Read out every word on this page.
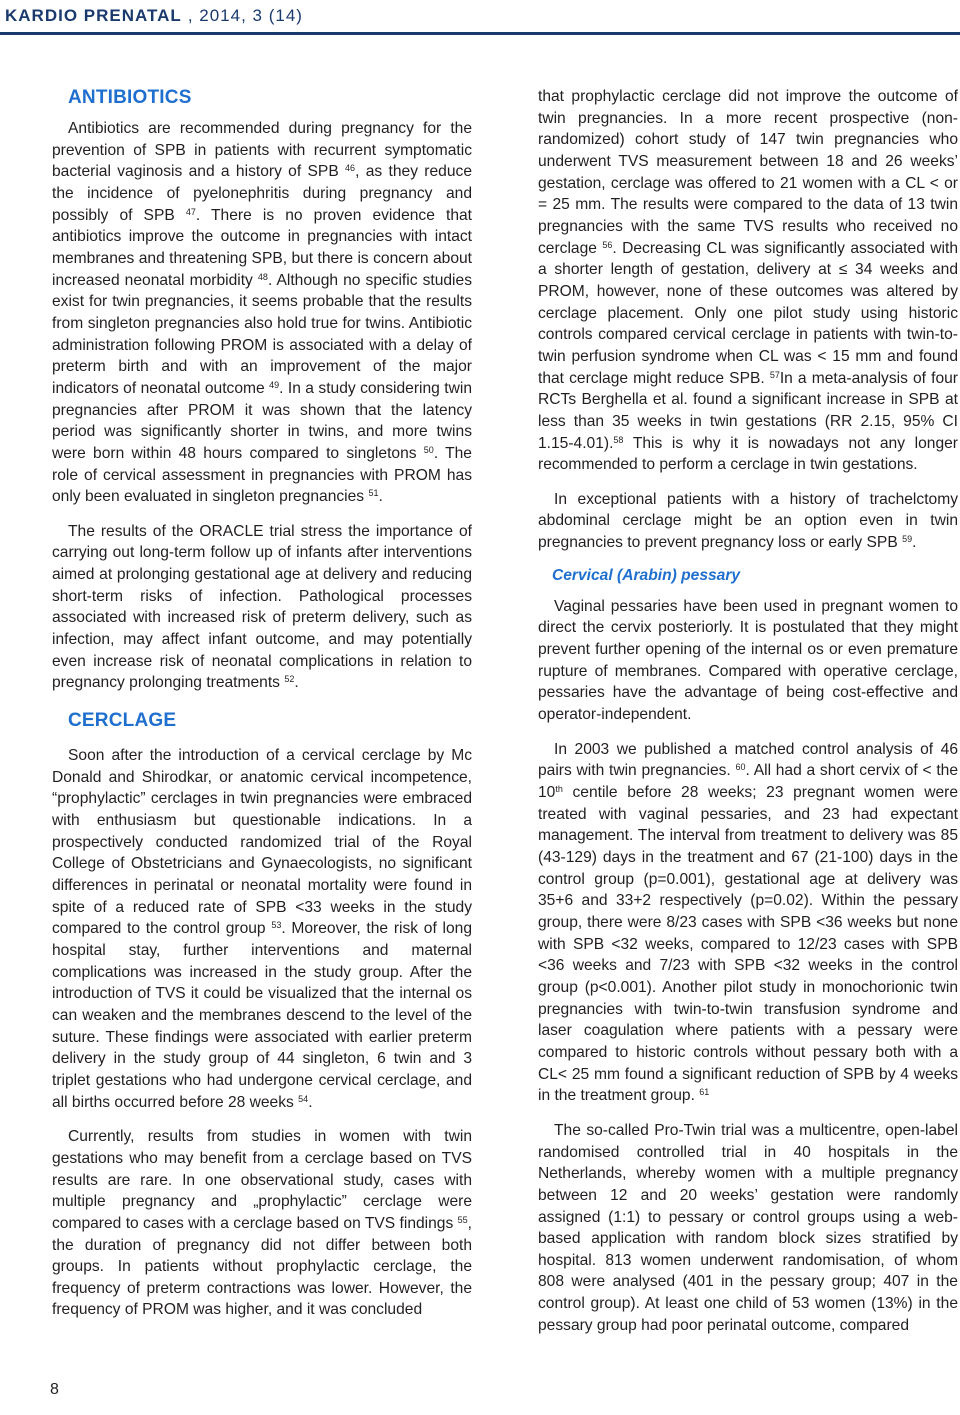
KARDIO PRENATAL , 2014, 3 (14)
ANTIBIOTICS

Antibiotics are recommended during pregnancy for the prevention of SPB in patients with recurrent symptomatic bacterial vaginosis and a history of SPB $^{46}$, as they reduce the incidence of pyelonephritis during pregnancy and possibly of SPB $^{47}$. There is no proven evidence that antibiotics improve the outcome in pregnancies with intact membranes and threatening SPB, but there is concern about increased neonatal morbidity $^{48}$. Although no specific studies exist for twin pregnancies, it seems probable that the results from singleton pregnancies also hold true for twins. Antibiotic administration following PROM is associated with a delay of preterm birth and with an improvement of the major indicators of neonatal outcome $^{49}$. In a study considering twin pregnancies after PROM it was shown that the latency period was significantly shorter in twins, and more twins were born within 48 hours compared to singletons $^{50}$. The role of cervical assessment in pregnancies with PROM has only been evaluated in singleton pregnancies $^{51}$.

The results of the ORACLE trial stress the importance of carrying out long-term follow up of infants after interventions aimed at prolonging gestational age at delivery and reducing short-term risks of infection. Pathological processes associated with increased risk of preterm delivery, such as infection, may affect infant outcome, and may potentially even increase risk of neonatal complications in relation to pregnancy prolonging treatments $^{52}$.

CERCLAGE

Soon after the introduction of a cervical cerclage by Mc Donald and Shirodkar, or anatomic cervical incompetence, “prophylactic” cerclages in twin pregnancies were embraced with enthusiasm but questionable indications. In a prospectively conducted randomized trial of the Royal College of Obstetricians and Gynaecologists, no significant differences in perinatal or neonatal mortality were found in spite of a reduced rate of SPB <33 weeks in the study compared to the control group $^{53}$. Moreover, the risk of long hospital stay, further interventions and maternal complications was increased in the study group. After the introduction of TVS it could be visualized that the internal os can weaken and the membranes descend to the level of the suture. These findings were associated with earlier preterm delivery in the study group of 44 singleton, 6 twin and 3 triplet gestations who had undergone cervical cerclage, and all births occurred before 28 weeks $^{54}$.

Currently, results from studies in women with twin gestations who may benefit from a cerclage based on TVS results are rare. In one observational study, cases with multiple pregnancy and „prophylactic” cerclage were compared to cases with a cerclage based on TVS findings $^{55}$, the duration of pregnancy did not differ between both groups. In patients without prophylactic cerclage, the frequency of preterm contractions was lower. However, the frequency of PROM was higher, and it was concluded

that prophylactic cerclage did not improve the outcome of twin pregnancies. In a more recent prospective (non-randomized) cohort study of 147 twin pregnancies who underwent TVS measurement between 18 and 26 weeks’ gestation, cerclage was offered to 21 women with a CL < or = 25 mm. The results were compared to the data of 13 twin pregnancies with the same TVS results who received no cerclage $^{56}$. Decreasing CL was significantly associated with a shorter length of gestation, delivery at ≤ 34 weeks and PROM, however, none of these outcomes was altered by cerclage placement. Only one pilot study using historic controls compared cervical cerclage in patients with twin-to-twin perfusion syndrome when CL was < 15 mm and found that cerclage might reduce SPB. $^{57}$In a meta-analysis of four RCTs Berghella et al. found a significant increase in SPB at less than 35 weeks in twin gestations (RR 2.15, 95% CI 1.15-4.01).$^{58}$ This is why it is nowadays not any longer recommended to perform a cerclage in twin gestations.

In exceptional patients with a history of trachelctomy abdominal cerclage might be an option even in twin pregnancies to prevent pregnancy loss or early SPB $^{59}$.

Cervical (Arabin) pessary

Vaginal pessaries have been used in pregnant women to direct the cervix posteriorly. It is postulated that they might prevent further opening of the internal os or even premature rupture of membranes. Compared with operative cerclage, pessaries have the advantage of being cost-effective and operator-independent.

In 2003 we published a matched control analysis of 46 pairs with twin pregnancies. $^{60}$. All had a short cervix of < the 10th centile before 28 weeks; 23 pregnant women were treated with vaginal pessaries, and 23 had expectant management. The interval from treatment to delivery was 85 (43-129) days in the treatment and 67 (21-100) days in the control group (p=0.001), gestational age at delivery was 35+6 and 33+2 respectively (p=0.02). Within the pessary group, there were 8/23 cases with SPB <36 weeks but none with SPB <32 weeks, compared to 12/23 cases with SPB <36 weeks and 7/23 with SPB <32 weeks in the control group (p<0.001). Another pilot study in monochorionic twin pregnancies with twin-to-twin transfusion syndrome and laser coagulation where patients with a pessary were compared to historic controls without pessary both with a CL< 25 mm found a significant reduction of SPB by 4 weeks in the treatment group. $^{61}$

The so-called Pro-Twin trial was a multicentre, open-label randomised controlled trial in 40 hospitals in the Netherlands, whereby women with a multiple pregnancy between 12 and 20 weeks’ gestation were randomly assigned (1:1) to pessary or control groups using a web-based application with random block sizes stratified by hospital. 813 women underwent randomisation, of whom 808 were analysed (401 in the pessary group; 407 in the control group). At least one child of 53 women (13%) in the pessary group had poor perinatal outcome, compared

8
